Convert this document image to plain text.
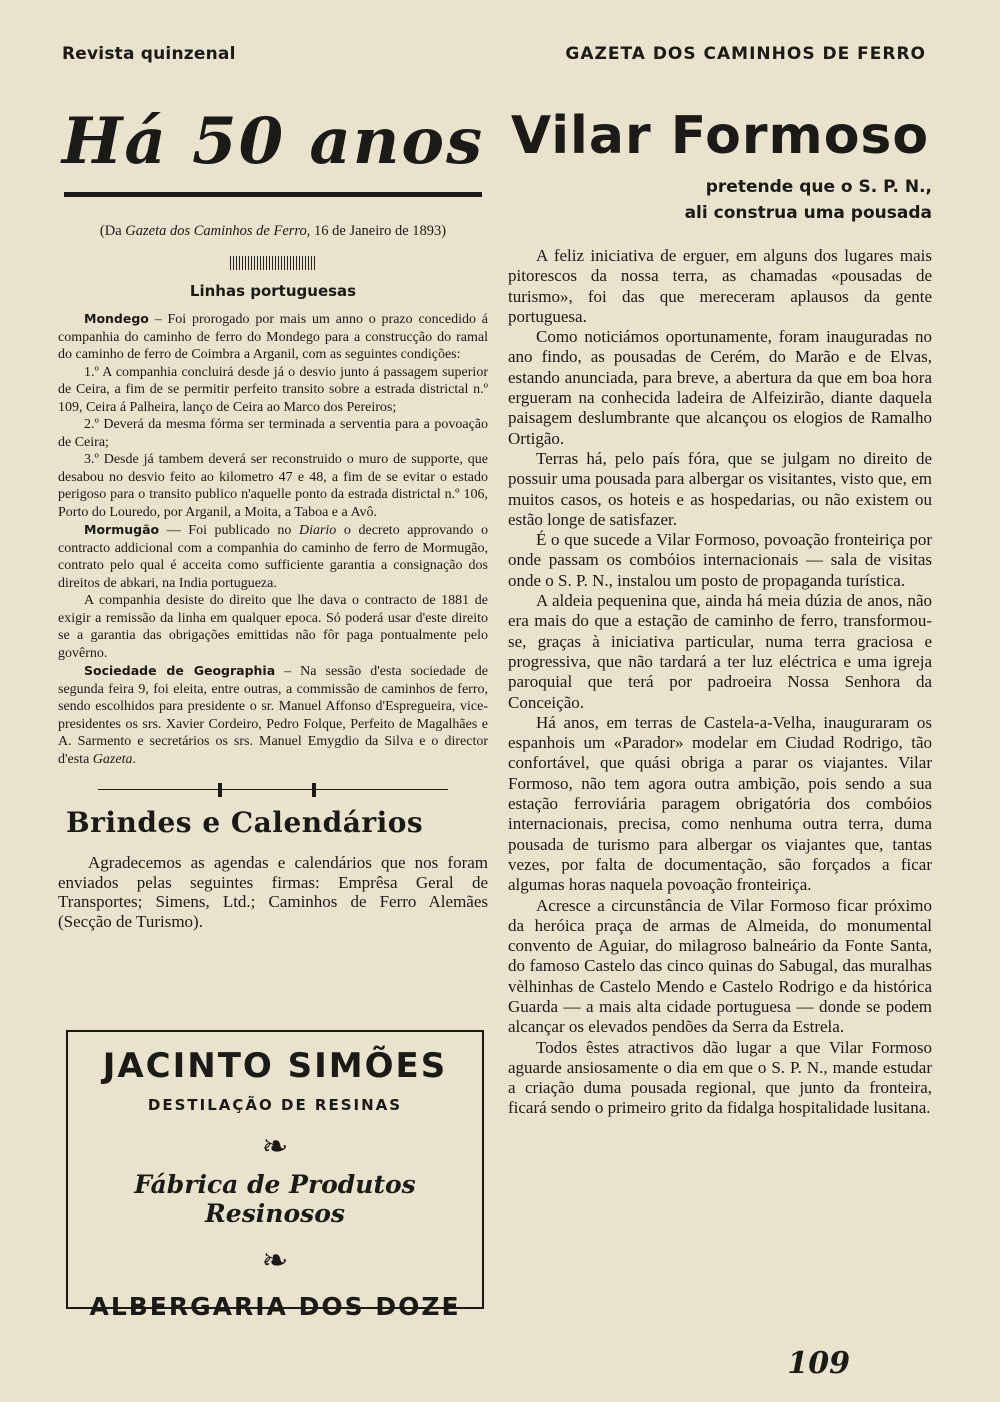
Revista quinzenal	GAZETA DOS CAMINHOS DE FERRO
Há 50 anos
(Da Gazeta dos Caminhos de Ferro, 16 de Janeiro de 1893)
Linhas portuguesas

Mondego – Foi prorogado por mais um anno o prazo concedido á companhia do caminho de ferro do Mondego para a construcção do ramal do caminho de ferro de Coimbra a Arganil, com as seguintes condições:

1.º A companhia concluirá desde já o desvio junto á passagem superior de Ceira, a fim de se permitir perfeito transito sobre a estrada districtal n.º 109, Ceira á Palheira, lanço de Ceira ao Marco dos Pereiros;

2.º Deverá da mesma fórma ser terminada a serventia para a povoação de Ceira;

3.º Desde já tambem deverá ser reconstruido o muro de supporte, que desabou no desvio feito ao kilometro 47 e 48, a fim de se evitar o estado perigoso para o transito publico n'aquelle ponto da estrada districtal n.º 106, Porto do Louredo, por Arganil, a Moita, a Taboa e a Avô.

Mormugão — Foi publicado no Diario o decreto approvando o contracto addicional com a companhia do caminho de ferro de Mormugão, contrato pelo qual é acceita como sufficiente garantia a consignação dos direitos de abkari, na India portugueza.

A companhia desiste do direito que lhe dava o contracto de 1881 de exigir a remissão da linha em qualquer epoca. Só poderá usar d'este direito se a garantia das obrigações emittidas não fôr paga pontualmente pelo govêrno.

Sociedade de Geographia – Na sessão d'esta sociedade de segunda feira 9, foi eleita, entre outras, a commissão de caminhos de ferro, sendo escolhidos para presidente o sr. Manuel Affonso d'Espregueira, vice-presidentes os srs. Xavier Cordeiro, Pedro Folque, Perfeito de Magalhães e A. Sarmento e secretários os srs. Manuel Emygdio da Silva e o director d'esta Gazeta.

Brindes e Calendários

Agradecemos as agendas e calendários que nos foram enviados pelas seguintes firmas: Emprêsa Geral de Transportes; Simens, Ltd.; Caminhos de Ferro Alemães (Secção de Turismo).

JACINTO SIMÕES
DESTILAÇÃO DE RESINAS
❧
Fábrica de Produtos Resinosos
❧
ALBERGARIA DOS DOZE
Vilar Formoso
pretende que o S. P. N.,
ali construa uma pousada

A feliz iniciativa de erguer, em alguns dos lugares mais pitorescos da nossa terra, as chamadas «pousadas de turismo», foi das que mereceram aplausos da gente portuguesa.

Como noticiámos oportunamente, foram inauguradas no ano findo, as pousadas de Cerém, do Marão e de Elvas, estando anunciada, para breve, a abertura da que em boa hora ergueram na conhecida ladeira de Alfeizirão, diante daquela paisagem deslumbrante que alcançou os elogios de Ramalho Ortigão.

Terras há, pelo país fóra, que se julgam no direito de possuir uma pousada para albergar os visitantes, visto que, em muitos casos, os hoteis e as hospedarias, ou não existem ou estão longe de satisfazer.

É o que sucede a Vilar Formoso, povoação fronteiriça por onde passam os combóios internacionais — sala de visitas onde o S. P. N., instalou um posto de propaganda turística.

A aldeia pequenina que, ainda há meia dúzia de anos, não era mais do que a estação de caminho de ferro, transformou-se, graças à iniciativa particular, numa terra graciosa e progressiva, que não tardará a ter luz eléctrica e uma igreja paroquial que terá por padroeira Nossa Senhora da Conceição.

Há anos, em terras de Castela-a-Velha, inauguraram os espanhois um «Parador» modelar em Ciudad Rodrigo, tão confortável, que quási obriga a parar os viajantes. Vilar Formoso, não tem agora outra ambição, pois sendo a sua estação ferroviária paragem obrigatória dos combóios internacionais, precisa, como nenhuma outra terra, duma pousada de turismo para albergar os viajantes que, tantas vezes, por falta de documentação, são forçados a ficar algumas horas naquela povoação fronteiriça.

Acresce a circunstância de Vilar Formoso ficar próximo da heróica praça de armas de Almeida, do monumental convento de Aguiar, do milagroso balneário da Fonte Santa, do famoso Castelo das cinco quinas do Sabugal, das muralhas vèlhinhas de Castelo Mendo e Castelo Rodrigo e da histórica Guarda — a mais alta cidade portuguesa — donde se podem alcançar os elevados pendões da Serra da Estrela.

Todos êstes atractivos dão lugar a que Vilar Formoso aguarde ansiosamente o dia em que o S. P. N., mande estudar a criação duma pousada regional, que junto da fronteira, ficará sendo o primeiro grito da fidalga hospitalidade lusitana.

109
